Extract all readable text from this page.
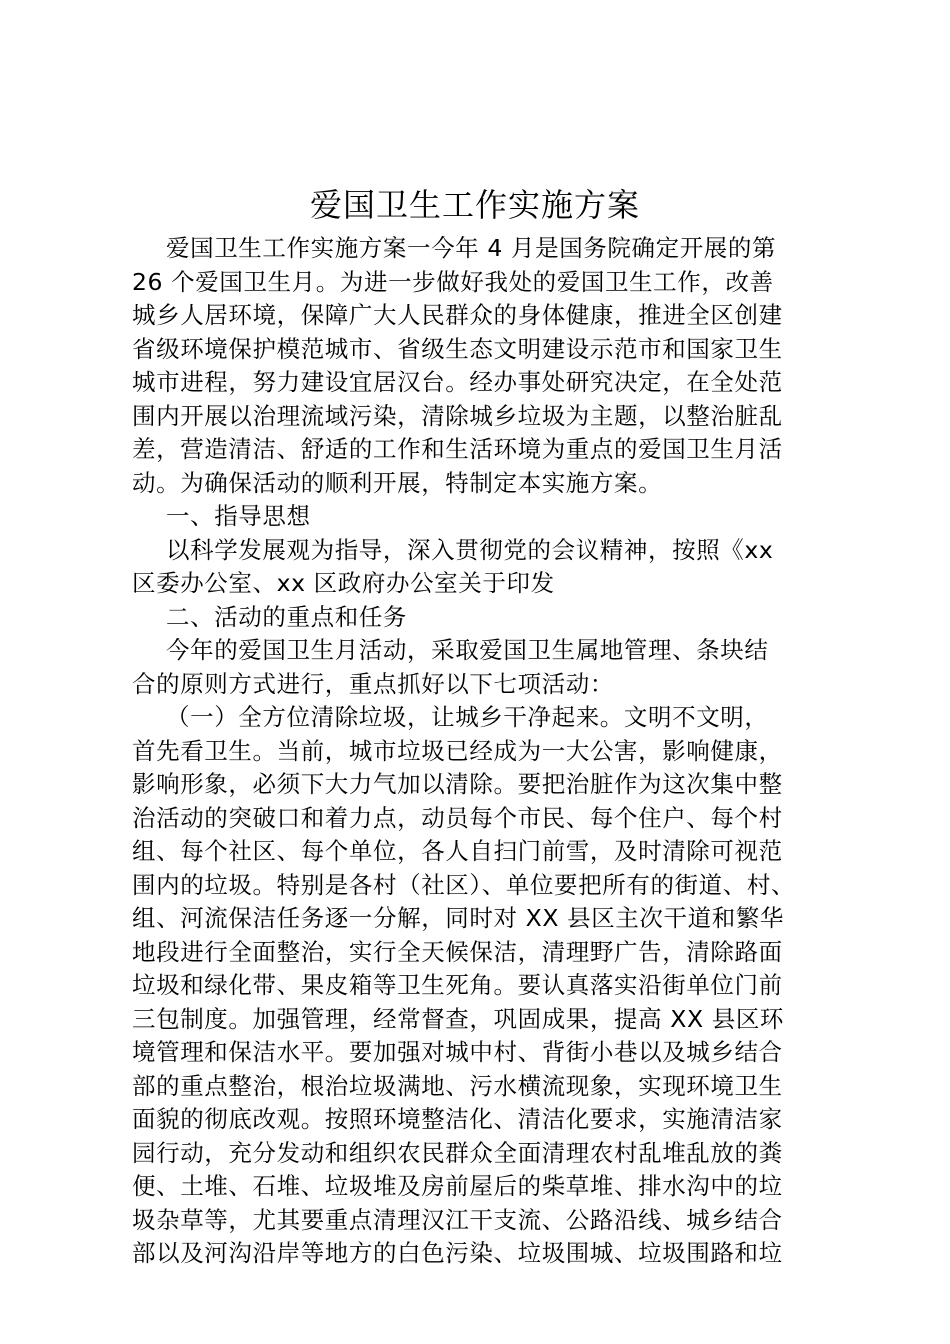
爱国卫生工作实施方案
爱国卫生工作实施方案一今年 4 月是国务院确定开展的第
26 个爱国卫生月。为进一步做好我处的爱国卫生工作，改善
城乡人居环境，保障广大人民群众的身体健康，推进全区创建
省级环境保护模范城市、省级生态文明建设示范市和国家卫生
城市进程，努力建设宜居汉台。经办事处研究决定，在全处范
围内开展以治理流域污染，清除城乡垃圾为主题，以整治脏乱
差，营造清洁、舒适的工作和生活环境为重点的爱国卫生月活
动。为确保活动的顺利开展，特制定本实施方案。
一、指导思想
以科学发展观为指导，深入贯彻党的会议精神，按照《xx
区委办公室、xx 区政府办公室关于印发
二、活动的重点和任务
今年的爱国卫生月活动，采取爱国卫生属地管理、条块结
合的原则方式进行，重点抓好以下七项活动：
（一）全方位清除垃圾，让城乡干净起来。文明不文明，
首先看卫生。当前，城市垃圾已经成为一大公害，影响健康，
影响形象，必须下大力气加以清除。要把治脏作为这次集中整
治活动的突破口和着力点，动员每个市民、每个住户、每个村
组、每个社区、每个单位，各人自扫门前雪，及时清除可视范
围内的垃圾。特别是各村（社区）、单位要把所有的街道、村、
组、河流保洁任务逐一分解，同时对 XX 县区主次干道和繁华
地段进行全面整治，实行全天候保洁，清理野广告，清除路面
垃圾和绿化带、果皮箱等卫生死角。要认真落实沿街单位门前
三包制度。加强管理，经常督查，巩固成果，提高 XX 县区环
境管理和保洁水平。要加强对城中村、背街小巷以及城乡结合
部的重点整治，根治垃圾满地、污水横流现象，实现环境卫生
面貌的彻底改观。按照环境整洁化、清洁化要求，实施清洁家
园行动，充分发动和组织农民群众全面清理农村乱堆乱放的粪
便、土堆、石堆、垃圾堆及房前屋后的柴草堆、排水沟中的垃
圾杂草等，尤其要重点清理汉江干支流、公路沿线、城乡结合
部以及河沟沿岸等地方的白色污染、垃圾围城、垃圾围路和垃
